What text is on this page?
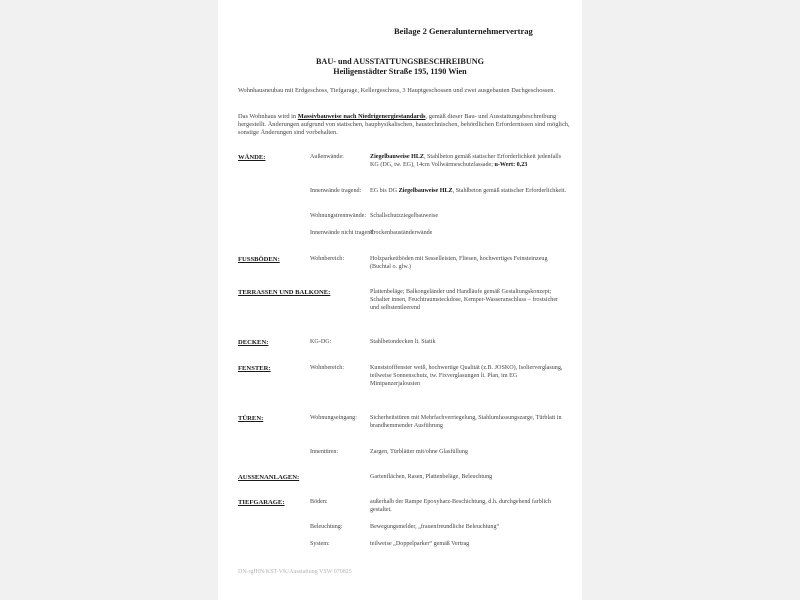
Beilage 2 Generalunternehmervertrag
BAU- und AUSSTATTUNGSBESCHREIBUNG
Heiligenstädter Straße 195, 1190 Wien
Wohnhausneubau mit Erdgeschoss, Tiefgarage, Kellergeschoss, 3 Hauptgeschossen und zwei ausgebauten Dachgeschossen.
Das Wohnhaus wird in Massivbauweise nach Niedrigenergiestandards, gemäß dieser Bau- und Ausstattungsbeschreibung hergestellt. Änderungen aufgrund von statischen, bauphysikalischen, haustechnischen, behördlichen Erfordernissen sind möglich, sonstige Änderungen sind vorbehalten.
WÄNDE:	Außenwände:	Ziegelbauweise HLZ, Stahlbeton gemäß statischer Erforderlichkeit jedenfalls KG (DG, tw. EG), 14cm Vollwärmeschutzfassade; u-Wert: 0,23
Innenwände tragend: EG bis DG Ziegelbauweise HLZ, Stahlbeton gemäß statischer Erforderlichkeit.
Wohnungstrennwände: Schallschutzziegelbauweise
Innenwände nicht tragend:
Trockenbauständerwände
FUSSBÖDEN:	Wohnbereich:	Holzparkettböden mit Sesselleisten, Fliesen, hochwertiges Feinsteinzeug (Buchtal o. glw.)
TERRASSEN UND BALKONE:	Plattenbeläge; Balkongeländer und Handläufe gemäß Gestaltungskonzept; Schalter innen, Feuchtraumsteckdose, Kemper-Wasseranschluss – frostsicher und selbstentleerend
DECKEN:	KG-DG:	Stahlbetondecken lt. Statik
FENSTER:	Wohnbereich:	Kunststofffenster weiß, hochwertige Qualität (z.B. JOSKO), Isolierverglasung, teilweise Sonnenschutz, tw. Fixverglasungen lt. Plan, im EG Minipanzerjalousien
TÜREN:	Wohnungseingang: Sicherheitstüren mit Mehrfachverriegelung, Stahlumfassungszarge, Türblatt in brandhemmender Ausführung
Innentüren:	Zargen, Türblätter mit/ohne Glasfüllung
AUSSENANLAGEN:	Gartenflächen, Rasen, Plattenbeläge, Beleuchtung
TIEFGARAGE:	Böden:	außerhalb der Rampe Epoxyharz-Beschichtung, d.h. durchgehend farblich gestaltet.
Beleuchtung:	Bewegungsmelder, „frauenfreundliche Beleuchtung“
System:	teilweise „Doppelparker“ gemäß Vertrag
DN-rgIHN/KST-VK/Ausstattung VSW 070825
